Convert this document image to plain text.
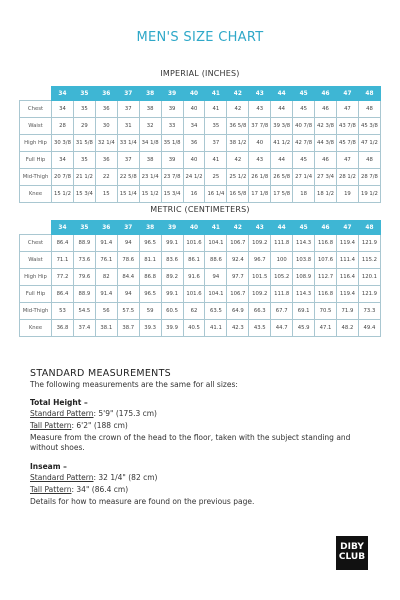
MEN'S SIZE CHART
IMPERIAL (INCHES)
	34	35	36	37	38	39	40	41	42	43	44	45	46	47	48
Chest	34	35	36	37	38	39	40	41	42	43	44	45	46	47	48
Waist	28	29	30	31	32	33	34	35	36 5/8	37 7/8	39 3/8	40 7/8	42 3/8	43 7/8	45 3/8
High Hip	30 3/8	31 5/8	32 1/4	33 1/4	34 1/8	35 1/8	36	37	38 1/2	40	41 1/2	42 7/8	44 3/8	45 7/8	47 1/2
Full Hip	34	35	36	37	38	39	40	41	42	43	44	45	46	47	48
Mid-Thigh	20 7/8	21 1/2	22	22 5/8	23 1/4	23 7/8	24 1/2	25	25 1/2	26 1/8	26 5/8	27 1/4	27 3/4	28 1/2	28 7/8
Knee	15 1/2	15 3/4	15	15 1/4	15 1/2	15 3/4	16	16 1/4	16 5/8	17 1/8	17 5/8	18	18 1/2	19	19 1/2
METRIC (CENTIMETERS)
	34	35	36	37	38	39	40	41	42	43	44	45	46	47	48
Chest	86.4	88.9	91.4	94	96.5	99.1	101.6	104.1	106.7	109.2	111.8	114.3	116.8	119.4	121.9
Waist	71.1	73.6	76.1	78.6	81.1	83.6	86.1	88.6	92.4	96.7	100	103.8	107.6	111.4	115.2
High Hip	77.2	79.6	82	84.4	86.8	89.2	91.6	94	97.7	101.5	105.2	108.9	112.7	116.4	120.1
Full Hip	86.4	88.9	91.4	94	96.5	99.1	101.6	104.1	106.7	109.2	111.8	114.3	116.8	119.4	121.9
Mid-Thigh	53	54.5	56	57.5	59	60.5	62	63.5	64.9	66.3	67.7	69.1	70.5	71.9	73.3
Knee	36.8	37.4	38.1	38.7	39.3	39.9	40.5	41.1	42.3	43.5	44.7	45.9	47.1	48.2	49.4
STANDARD MEASUREMENTS
The following measurements are the same for all sizes:
Total Height –
Standard Pattern: 5'9" (175.3 cm)
Tall Pattern: 6'2" (188 cm)
Measure from the crown of the head to the floor, taken with the subject standing and without shoes.
Inseam –
Standard Pattern: 32 1/4" (82 cm)
Tall Pattern: 34" (86.4 cm)
Details for how to measure are found on the previous page.
DIBY
CLUB
